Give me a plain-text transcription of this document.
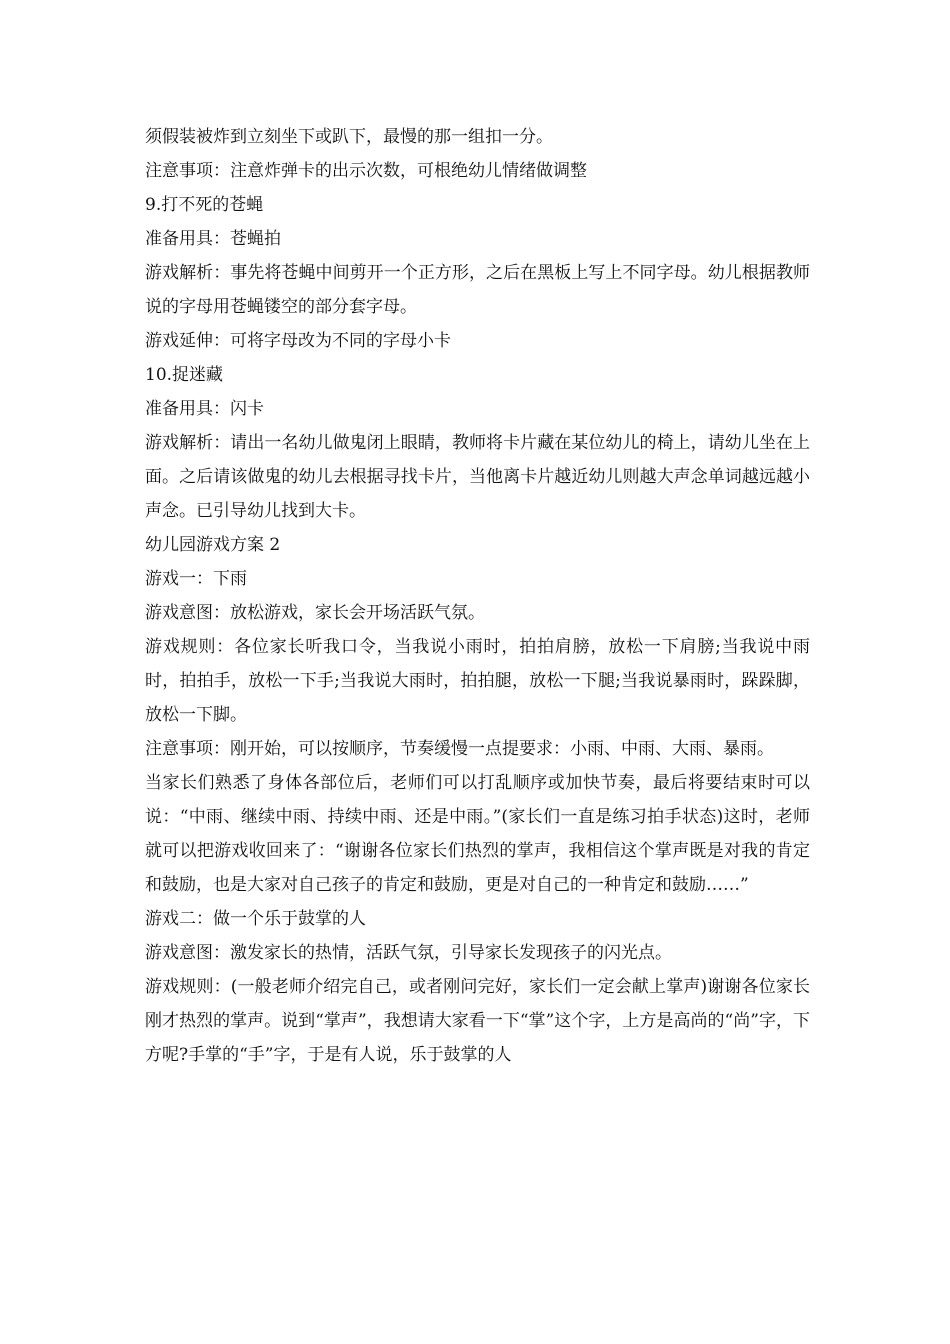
须假装被炸到立刻坐下或趴下，最慢的那一组扣一分。

注意事项：注意炸弹卡的出示次数，可根绝幼儿情绪做调整

9.打不死的苍蝇

准备用具：苍蝇拍

游戏解析：事先将苍蝇中间剪开一个正方形，之后在黑板上写上不同字母。幼儿根据教师说的字母用苍蝇镂空的部分套字母。

游戏延伸：可将字母改为不同的字母小卡

10.捉迷藏

准备用具：闪卡

游戏解析：请出一名幼儿做鬼闭上眼睛，教师将卡片藏在某位幼儿的椅上，请幼儿坐在上面。之后请该做鬼的幼儿去根据寻找卡片，当他离卡片越近幼儿则越大声念单词越远越小声念。已引导幼儿找到大卡。

幼儿园游戏方案 2

游戏一：下雨

游戏意图：放松游戏，家长会开场活跃气氛。

游戏规则：各位家长听我口令，当我说小雨时，拍拍肩膀，放松一下肩膀;当我说中雨时，拍拍手，放松一下手;当我说大雨时，拍拍腿，放松一下腿;当我说暴雨时，跺跺脚，放松一下脚。

注意事项：刚开始，可以按顺序，节奏缓慢一点提要求：小雨、中雨、大雨、暴雨。

当家长们熟悉了身体各部位后，老师们可以打乱顺序或加快节奏，最后将要结束时可以说：“中雨、继续中雨、持续中雨、还是中雨。”(家长们一直是练习拍手状态)这时，老师就可以把游戏收回来了：“谢谢各位家长们热烈的掌声，我相信这个掌声既是对我的肯定和鼓励，也是大家对自己孩子的肯定和鼓励，更是对自己的一种肯定和鼓励……”

游戏二：做一个乐于鼓掌的人

游戏意图：激发家长的热情，活跃气氛，引导家长发现孩子的闪光点。

游戏规则：(一般老师介绍完自己，或者刚问完好，家长们一定会献上掌声)谢谢各位家长刚才热烈的掌声。说到“掌声”，我想请大家看一下“掌”这个字，上方是高尚的“尚”字，下方呢?手掌的“手”字，于是有人说，乐于鼓掌的人
